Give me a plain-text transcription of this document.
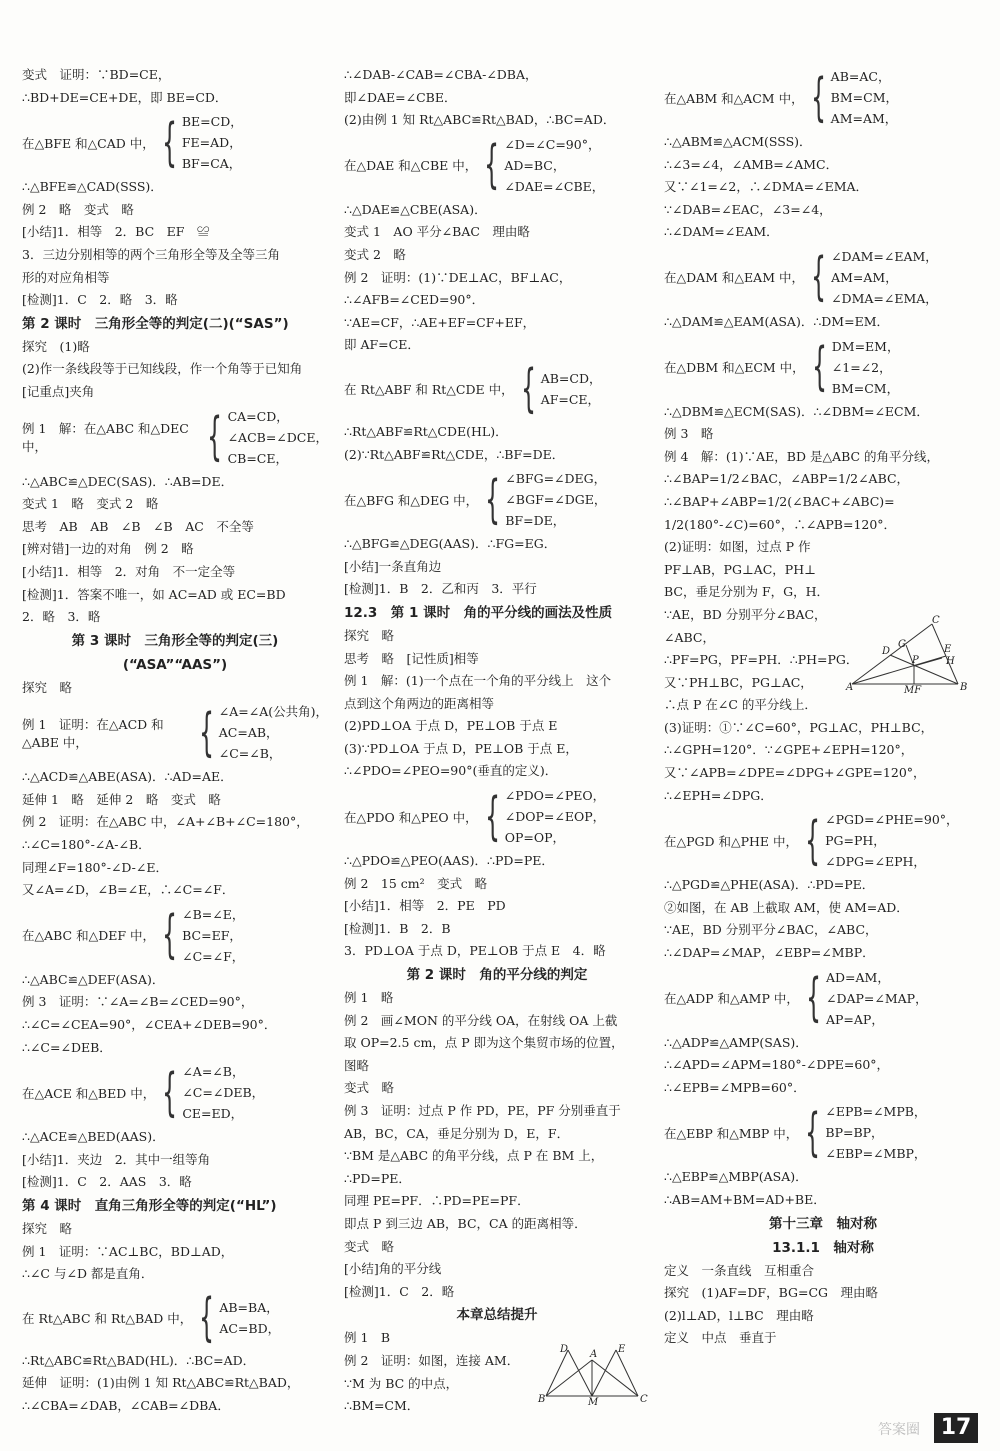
变式　证明：∵BD=CE，
∴BD+DE=CE+DE，即 BE=CD．
在△BFE 和△CAD 中， { BE=CD，
FE=AD，
BF=CA，
∴△BFE≌△CAD(SSS)．
例 2　略　变式　略
[小结]1．相等　2．BC　EF　≌
3．三边分别相等的两个三角形全等及全等三角
形的对应角相等
[检测]1．C　2．略　3．略
第 2 课时　三角形全等的判定(二)(“SAS”)
探究　(1)略
(2)作一条线段等于已知线段，作一个角等于已知角
[记重点]夹角
例 1　解：在△ABC 和△DEC 中，	{ CA=CD，
∠ACB=∠DCE，
CB=CE，
∴△ABC≌△DEC(SAS)．∴AB=DE．
变式 1　略　变式 2　略
思考　AB　AB　∠B　∠B　AC　不全等
[辨对错]一边的对角　例 2　略
[小结]1．相等　2．对角　不一定全等
[检测]1．答案不唯一，如 AC=AD 或 EC=BD
2．略　3．略
第 3 课时　三角形全等的判定(三)
(“ASA”“AAS”)
探究　略
例 1　证明：在△ACD 和△ABE 中，	{ ∠A=∠A(公共角)，
AC=AB，
∠C=∠B，
∴△ACD≌△ABE(ASA)．∴AD=AE．
延伸 1　略　延伸 2　略　变式　略
例 2　证明：在△ABC 中，∠A+∠B+∠C=180°，
∴∠C=180°-∠A-∠B．
同理∠F=180°-∠D-∠E．
又∠A=∠D，∠B=∠E，∴∠C=∠F．
在△ABC 和△DEF 中， { ∠B=∠E，
BC=EF，
∠C=∠F，
∴△ABC≌△DEF(ASA)．
例 3　证明：∵∠A=∠B=∠CED=90°，
∴∠C=∠CEA=90°，∠CEA+∠DEB=90°．
∴∠C=∠DEB．
在△ACE 和△BED 中， { ∠A=∠B，
∠C=∠DEB，
CE=ED，
∴△ACE≌△BED(AAS)．
[小结]1．夹边　2．其中一组等角
[检测]1．C　2．AAS　3．略
第 4 课时　直角三角形全等的判定(“HL”)
探究　略
例 1　证明：∵AC⊥BC，BD⊥AD，
∴∠C 与∠D 都是直角．
在 Rt△ABC 和 Rt△BAD 中， { AB=BA，
AC=BD，
∴Rt△ABC≌Rt△BAD(HL)．∴BC=AD．
延伸　证明：(1)由例 1 知 Rt△ABC≌Rt△BAD，
∴∠CBA=∠DAB，∠CAB=∠DBA．
∴∠DAB-∠CAB=∠CBA-∠DBA，
即∠DAE=∠CBE．
(2)由例 1 知 Rt△ABC≌Rt△BAD，∴BC=AD．
在△DAE 和△CBE 中， { ∠D=∠C=90°，
AD=BC，
∠DAE=∠CBE，
∴△DAE≌△CBE(ASA)．
变式 1　AO 平分∠BAC　理由略
变式 2　略
例 2　证明：(1)∵DE⊥AC，BF⊥AC，
∴∠AFB=∠CED=90°．
∵AE=CF，∴AE+EF=CF+EF，
即 AF=CE．
在 Rt△ABF 和 Rt△CDE 中， { AB=CD，
AF=CE，
∴Rt△ABF≌Rt△CDE(HL)．
(2)∵Rt△ABF≌Rt△CDE，∴BF=DE．
在△BFG 和△DEG 中， { ∠BFG=∠DEG，
∠BGF=∠DGE，
BF=DE，
∴△BFG≌△DEG(AAS)．∴FG=EG．
[小结]一条直角边
[检测]1．B　2．乙和丙　3．平行
12.3　第 1 课时　角的平分线的画法及性质
探究　略
思考　略　[记性质]相等
例 1　解：(1)一个点在一个角的平分线上　这个
点到这个角两边的距离相等
(2)PD⊥OA 于点 D，PE⊥OB 于点 E
(3)∵PD⊥OA 于点 D，PE⊥OB 于点 E，
∴∠PDO=∠PEO=90°(垂直的定义)．
在△PDO 和△PEO 中， { ∠PDO=∠PEO，
∠DOP=∠EOP，
OP=OP，
∴△PDO≌△PEO(AAS)．∴PD=PE．
例 2　15 cm²　变式　略
[小结]1．相等　2．PE　PD
[检测]1．B　2．B
3．PD⊥OA 于点 D，PE⊥OB 于点 E　4．略
第 2 课时　角的平分线的判定
例 1　略
例 2　画∠MON 的平分线 OA，在射线 OA 上截
取 OP=2.5 cm，点 P 即为这个集贸市场的位置，
图略
变式　略
例 3　证明：过点 P 作 PD，PE，PF 分别垂直于
AB，BC，CA，垂足分别为 D，E，F．
∵BM 是△ABC 的角平分线，点 P 在 BM 上，
∴PD=PE．
同理 PE=PF．∴PD=PE=PF．
即点 P 到三边 AB，BC，CA 的距离相等．
变式　略
[小结]角的平分线
[检测]1．C　2．略
本章总结提升
例 1　B
例 2　证明：如图，连接 AM．
∵M 为 BC 的中点，
∴BM=CM．
在△ABM 和△ACM 中， { AB=AC，
BM=CM，
AM=AM，
∴△ABM≌△ACM(SSS)．
∴∠3=∠4，∠AMB=∠AMC．
又∵∠1=∠2，∴∠DMA=∠EMA．
∵∠DAB=∠EAC，∠3=∠4，
∴∠DAM=∠EAM．
在△DAM 和△EAM 中， { ∠DAM=∠EAM，
AM=AM，
∠DMA=∠EMA，
∴△DAM≌△EAM(ASA)．∴DM=EM．
在△DBM 和△ECM 中， { DM=EM，
∠1=∠2，
BM=CM，
∴△DBM≌△ECM(SAS)．∴∠DBM=∠ECM．
例 3　略
例 4　解：(1)∵AE，BD 是△ABC 的角平分线，
∴∠BAP=1/2∠BAC，∠ABP=1/2∠ABC，
∴∠BAP+∠ABP=1/2(∠BAC+∠ABC)=
1/2(180°-∠C)=60°，∴∠APB=120°．
(2)证明：如图，过点 P 作
PF⊥AB，PG⊥AC，PH⊥
BC，垂足分别为 F，G，H．
∵AE，BD 分别平分∠BAC，
∠ABC，
∴PF=PG，PF=PH．∴PH=PG．
又∵PH⊥BC，PG⊥AC，
∴点 P 在∠C 的平分线上．
(3)证明：①∵∠C=60°，PG⊥AC，PH⊥BC，
∴∠GPH=120°．∵∠GPE+∠EPH=120°，
又∵∠APB=∠DPE=∠DPG+∠GPE=120°，
∴∠EPH=∠DPG．
在△PGD 和△PHE 中， { ∠PGD=∠PHE=90°，
PG=PH，
∠DPG=∠EPH，
∴△PGD≌△PHE(ASA)．∴PD=PE．
②如图，在 AB 上截取 AM，使 AM=AD．
∵AE，BD 分别平分∠BAC，∠ABC，
∴∠DAP=∠MAP，∠EBP=∠MBP．
在△ADP 和△AMP 中， { AD=AM，
∠DAP=∠MAP，
AP=AP，
∴△ADP≌△AMP(SAS)．
∴∠APD=∠APM=180°-∠DPE=60°，
∴∠EPB=∠MPB=60°．
在△EBP 和△MBP 中， { ∠EPB=∠MPB，
BP=BP，
∠EBP=∠MBP，
∴△EBP≌△MBP(ASA)．
∴AB=AM+BM=AD+BE．
第十三章　轴对称
13.1.1　轴对称
定义　一条直线　互相重合
探究　(1)AF=DF，BG=CG　理由略
(2)l⊥AD，l⊥BC　理由略
定义　中点　垂直于
D A E
B	C
M
A	B
C
D
G	E
H
P
MF
答案圈 17
